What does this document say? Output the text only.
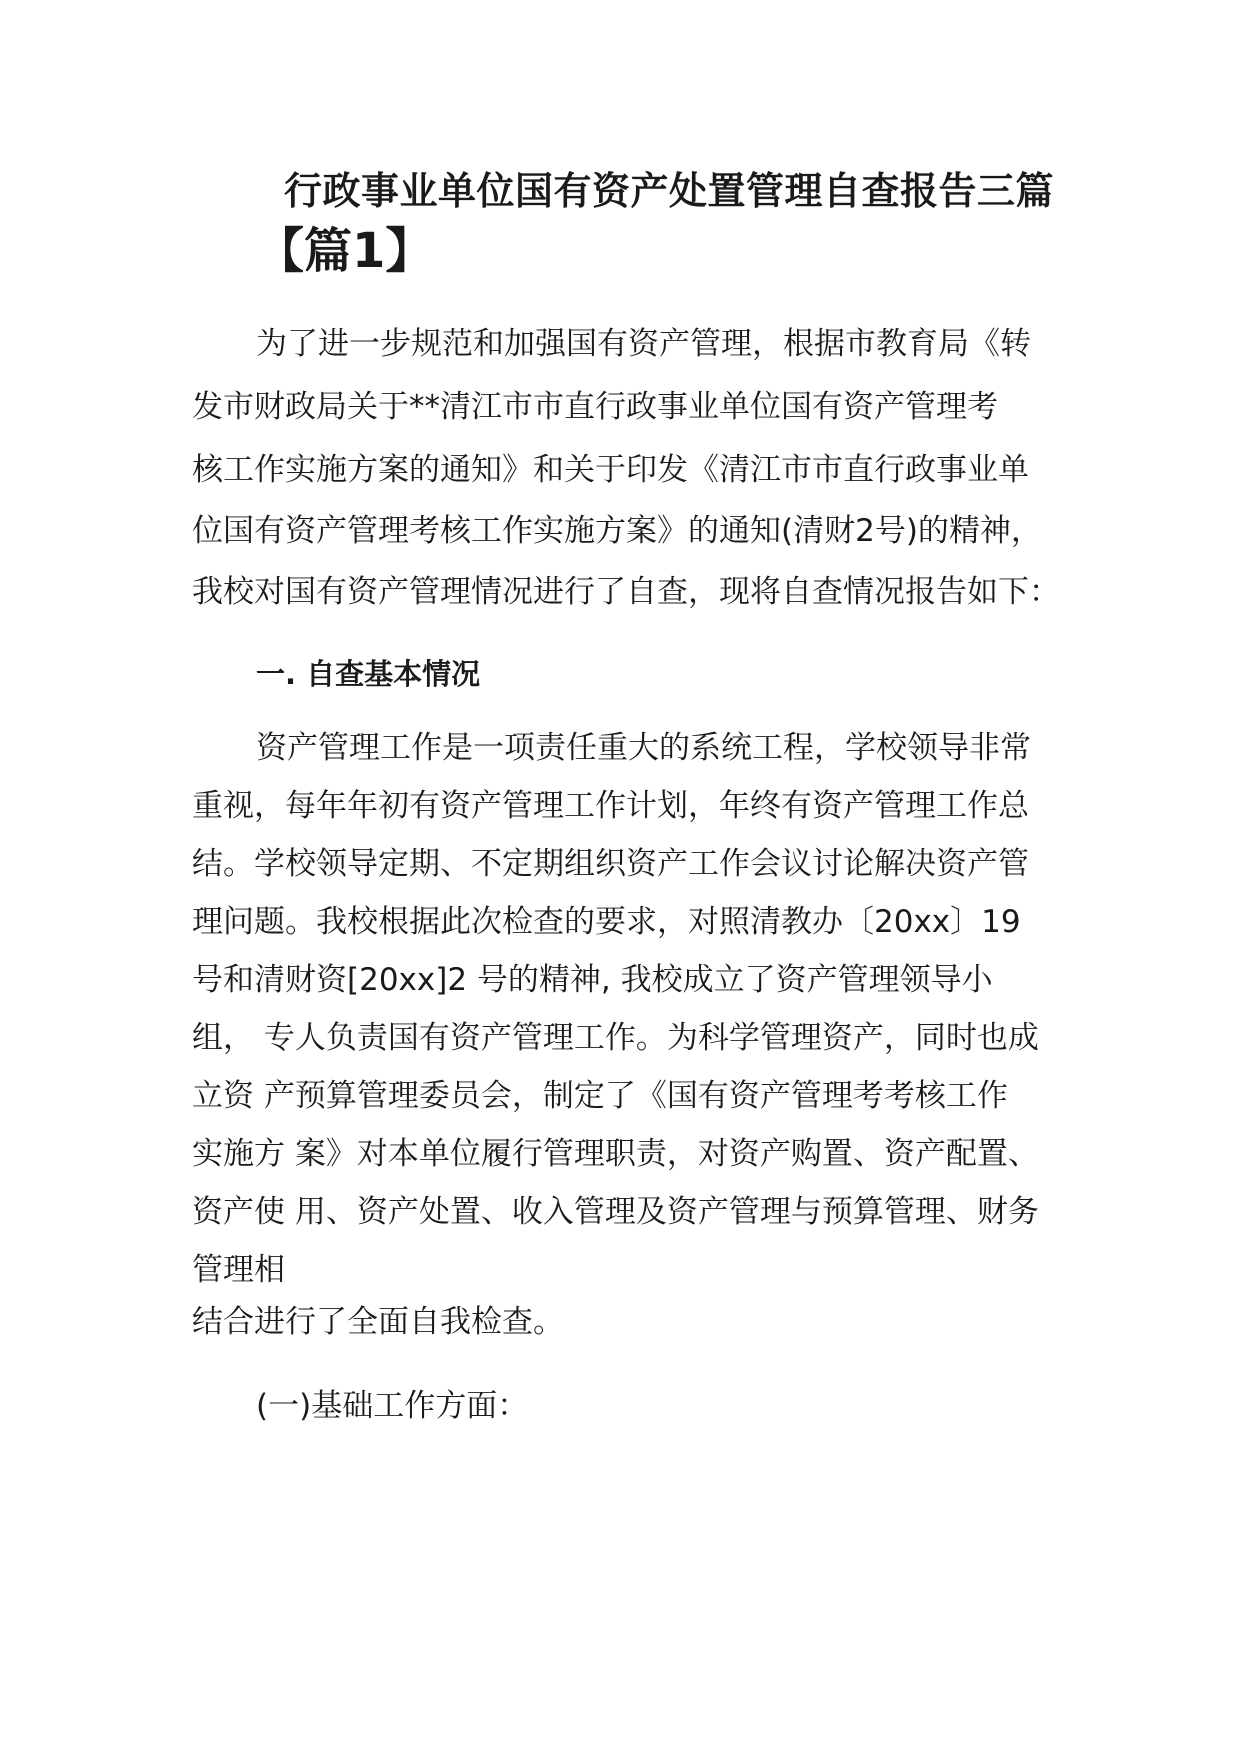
行政事业单位国有资产处置管理自查报告三篇
【篇1】
为了进一步规范和加强国有资产管理，根据市教育局《转
发市财政局关于**清江市市直行政事业单位国有资产管理考
核工作实施方案的通知》和关于印发《清江市市直行政事业单
位国有资产管理考核工作实施方案》的通知(清财2号)的精神，
我校对国有资产管理情况进行了自查，现将自查情况报告如下：
一. 自查基本情况
资产管理工作是一项责任重大的系统工程，学校领导非常
重视，每年年初有资产管理工作计划，年终有资产管理工作总
结。学校领导定期、不定期组织资产工作会议讨论解决资产管
理问题。我校根据此次检查的要求，对照清教办〔20xx〕19
号和清财资[20xx]2 号的精神, 我校成立了资产管理领导小
组， 专人负责国有资产管理工作。为科学管理资产，同时也成
立资 产预算管理委员会，制定了《国有资产管理考考核工作
实施方 案》对本单位履行管理职责，对资产购置、资产配置、
资产使 用、资产处置、收入管理及资产管理与预算管理、财务
管理相
结合进行了全面自我检查。
(一)基础工作方面：
